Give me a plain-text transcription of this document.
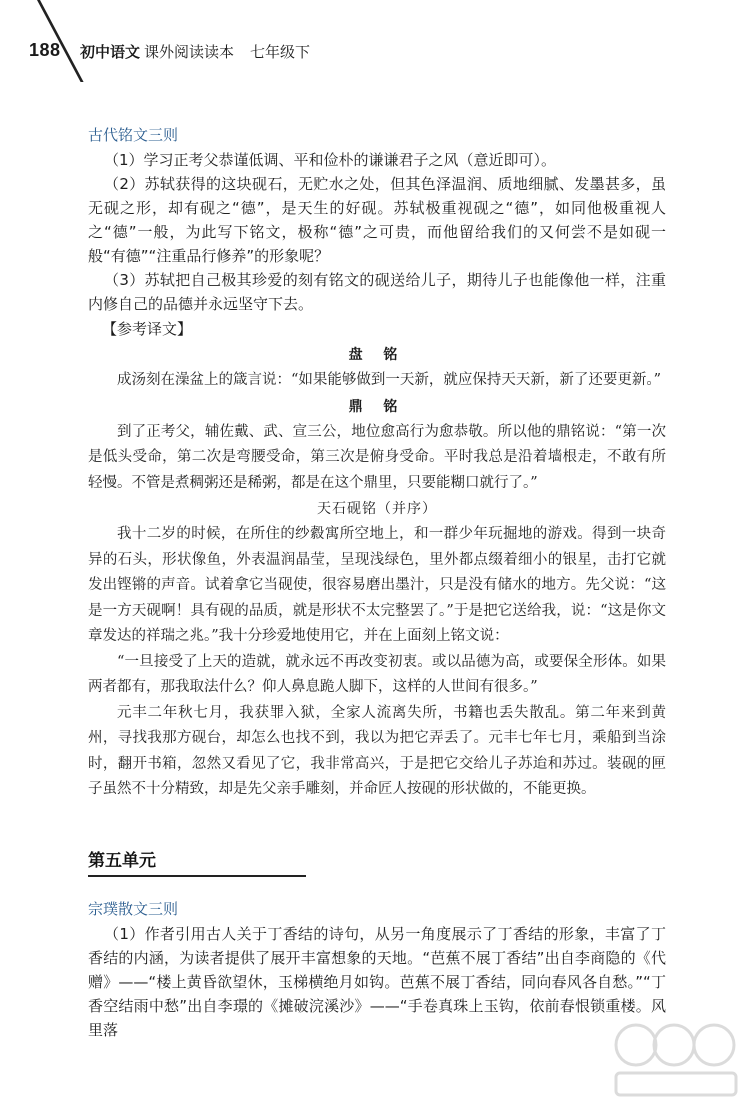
188 初中语文 课外阅读读本 七年级下
古代铭文三则

（1）学习正考父恭谨低调、平和俭朴的谦谦君子之风（意近即可）。

（2）苏轼获得的这块砚石，无贮水之处，但其色泽温润、质地细腻、发墨甚多，虽无砚之形，却有砚之“德”，是天生的好砚。苏轼极重视砚之“德”，如同他极重视人之“德”一般，为此写下铭文，极称“德”之可贵，而他留给我们的又何尝不是如砚一般“有德”“注重品行修养”的形象呢？

（3）苏轼把自己极其珍爱的刻有铭文的砚送给儿子，期待儿子也能像他一样，注重内修自己的品德并永远坚守下去。

【参考译文】
盘 铭

成汤刻在澡盆上的箴言说：“如果能够做到一天新，就应保持天天新，新了还要更新。”

鼎 铭

到了正考父，辅佐戴、武、宣三公，地位愈高行为愈恭敬。所以他的鼎铭说：“第一次是低头受命，第二次是弯腰受命，第三次是俯身受命。平时我总是沿着墙根走，不敢有所轻慢。不管是煮稠粥还是稀粥，都是在这个鼎里，只要能糊口就行了。”

天石砚铭（并序）

我十二岁的时候，在所住的纱縠寓所空地上，和一群少年玩掘地的游戏。得到一块奇异的石头，形状像鱼，外表温润晶莹，呈现浅绿色，里外都点缀着细小的银星，击打它就发出铿锵的声音。试着拿它当砚使，很容易磨出墨汁，只是没有储水的地方。先父说：“这是一方天砚啊！具有砚的品质，就是形状不太完整罢了。”于是把它送给我，说：“这是你文章发达的祥瑞之兆。”我十分珍爱地使用它，并在上面刻上铭文说：

“一旦接受了上天的造就，就永远不再改变初衷。或以品德为高，或要保全形体。如果两者都有，那我取法什么？仰人鼻息跪人脚下，这样的人世间有很多。”

元丰二年秋七月，我获罪入狱，全家人流离失所，书籍也丢失散乱。第二年来到黄州，寻找我那方砚台，却怎么也找不到，我以为把它弄丢了。元丰七年七月，乘船到当涂时，翻开书箱，忽然又看见了它，我非常高兴，于是把它交给儿子苏迨和苏过。装砚的匣子虽然不十分精致，却是先父亲手雕刻，并命匠人按砚的形状做的，不能更换。

第五单元
宗璞散文三则

（1）作者引用古人关于丁香结的诗句，从另一角度展示了丁香结的形象，丰富了丁香结的内涵，为读者提供了展开丰富想象的天地。“芭蕉不展丁香结”出自李商隐的《代赠》——“楼上黄昏欲望休，玉梯横绝月如钩。芭蕉不展丁香结，同向春风各自愁。”“丁香空结雨中愁”出自李璟的《摊破浣溪沙》——“手卷真珠上玉钩，依前春恨锁重楼。风里落
